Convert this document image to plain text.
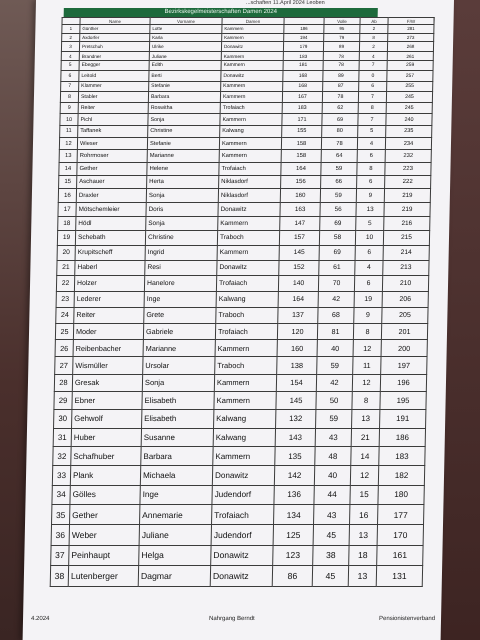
...schaften 11.April 2024 Leoben
Bezirkskegelmeisterschaften Damen 2024
	Name	Vorname	Damen		Volle	Ab	F/W	
1	Günther	Lotte	Kammern	186	95	2	281	
2	Axdorfer	Karla	Kammern	194	79	8	273	
3	Pretschuh	Ulrike	Donawitz	179	89	2	268	
4	Brandner	Juliane	Kammern	183	78	4	261	
5	Ebegger	Edith	Kammern	181	78	7	259	
6	Leitold	Berti	Donawitz	168	89	0	257	
7	Klammer	Stefanie	Kammern	168	87	6	255	
8	Stabler	Barbara	Kammern	167	78	7	245	
9	Reiter	Roswitha	Trofaiach	183	62	8	245	
10	Pichl	Sonja	Kammern	171	69	7	240	
11	Taffanek	Christine	Kalwang	155	80	5	235	
12	Wieser	Stefanie	Kammern	158	78	4	234	
13	Rohrmoser	Marianne	Kammern	158	64	6	232	
14	Gether	Helene	Trofaiach	164	59	8	223	
15	Aschauer	Herta	Niklasdorf	156	66	6	222	
16	Draxler	Sonja	Niklasdorf	160	59	9	219	
17	Mötschemleier	Doris	Donawitz	163	56	13	219	
18	Hödl	Sonja	Kammern	147	69	5	216	
19	Schebath	Christine	Traboch	157	58	10	215	
20	Krupitscheff	Ingrid	Kammern	145	69	6	214	
21	Haberl	Resi	Donawitz	152	61	4	213	
22	Holzer	Hanelore	Trofaiach	140	70	6	210	
23	Lederer	Inge	Kalwang	164	42	19	206	
24	Reiter	Grete	Traboch	137	68	9	205	
25	Moder	Gabriele	Trofaiach	120	81	8	201	
26	Reibenbacher	Marianne	Kammern	160	40	12	200	
27	Wismüller	Ursolar	Traboch	138	59	11	197	
28	Gresak	Sonja	Kammern	154	42	12	196	
29	Ebner	Elisabeth	Kammern	145	50	8	195	
30	Gehwolf	Elisabeth	Kalwang	132	59	13	191	
31	Huber	Susanne	Kalwang	143	43	21	186	
32	Schafhuber	Barbara	Kammern	135	48	14	183	
33	Plank	Michaela	Donawitz	142	40	12	182	
34	Gölles	Inge	Judendorf	136	44	15	180	
35	Gether	Annemarie	Trofaiach	134	43	16	177	
36	Weber	Juliane	Judendorf	125	45	13	170	
37	Peinhaupt	Helga	Donawitz	123	38	18	161	
38	Lutenberger	Dagmar	Donawitz	86	45	13	131	
4.2024	Nahrgang Berndt	Pensionistenverband
